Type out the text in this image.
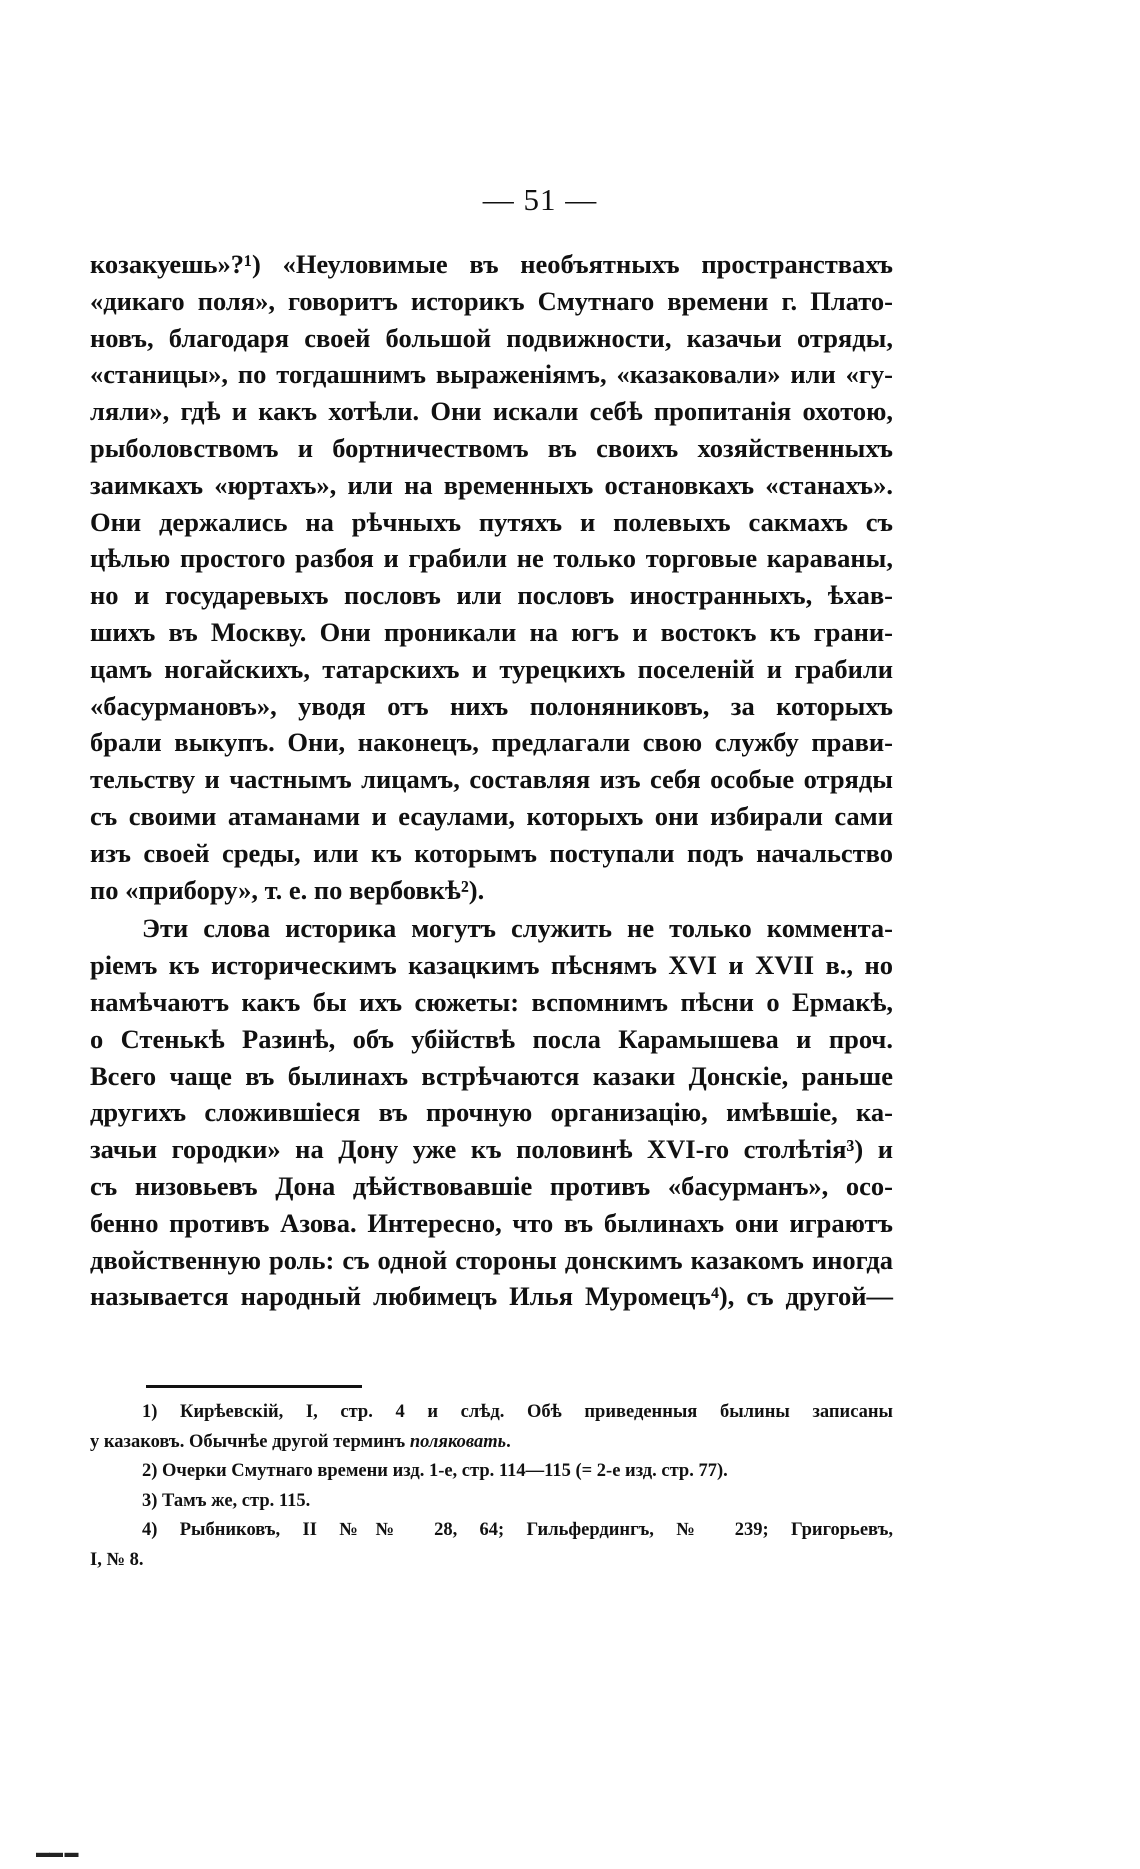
— 51 —

козакуешь»?¹) «Неуловимые въ необъятныхъ пространствахъ
«дикаго поля», говоритъ историкъ Смутнаго времени г. Плато-
новъ, благодаря своей большой подвижности, казачьи отряды,
«станицы», по тогдашнимъ выраженiямъ, «казаковали» или «гу-
ляли», гдѣ и какъ хотѣли. Они искали себѣ пропитанiя охотою,
рыболовствомъ и бортничествомъ въ своихъ хозяйственныхъ
заимкахъ «юртахъ», или на временныхъ остановкахъ «станахъ».
Они держались на рѣчныхъ путяхъ и полевыхъ сакмахъ съ
цѣлью простого разбоя и грабили не только торговые караваны,
но и государевыхъ пословъ или пословъ иностранныхъ, ѣхав-
шихъ въ Москву. Они проникали на югъ и востокъ къ грани-
цамъ ногайскихъ, татарскихъ и турецкихъ поселенiй и грабили
«басурмановъ», уводя отъ нихъ полоняниковъ, за которыхъ
брали выкупъ. Они, наконецъ, предлагали свою службу прави-
тельству и частнымъ лицамъ, составляя изъ себя особые отряды
съ своими атаманами и есаулами, которыхъ они избирали сами
изъ своей среды, или къ которымъ поступали подъ начальство
по «прибору», т. е. по вербовкѣ²).

Эти слова историка могутъ служить не только коммента-
рiемъ къ историческимъ казацкимъ пѣснямъ XVI и XVII в., но
намѣчаютъ какъ бы ихъ сюжеты: вспомнимъ пѣсни о Ермакѣ,
о Стенькѣ Разинѣ, объ убiйствѣ посла Карамышева и проч.
Всего чаще въ былинахъ встрѣчаются казаки Донскiе, раньше
другихъ сложившiеся въ прочную организацiю, имѣвшiе, ка-
зачьи городки» на Дону уже къ половинѣ XVI-го столѣтiя³) и
съ низовьевъ Дона дѣйствовавшiе противъ «басурманъ», осо-
бенно противъ Азова. Интересно, что въ былинахъ они играютъ
двойственную роль: съ одной стороны донскимъ казакомъ иногда
называется народный любимецъ Илья Муромецъ⁴), съ другой—

1) Кирѣевскiй, I, стр. 4 и слѣд. Обѣ приведенныя былины записаны
у казаковъ. Обычнѣе другой терминъ поляковать.
2) Очерки Смутнаго времени изд. 1-е, стр. 114—115 (= 2-е изд. стр. 77).
3) Тамъ же, стр. 115.
4) Рыбниковъ, II №№ 28, 64; Гильфердингъ, № 239; Григорьевъ,
I, № 8.
▬▬ ▬
